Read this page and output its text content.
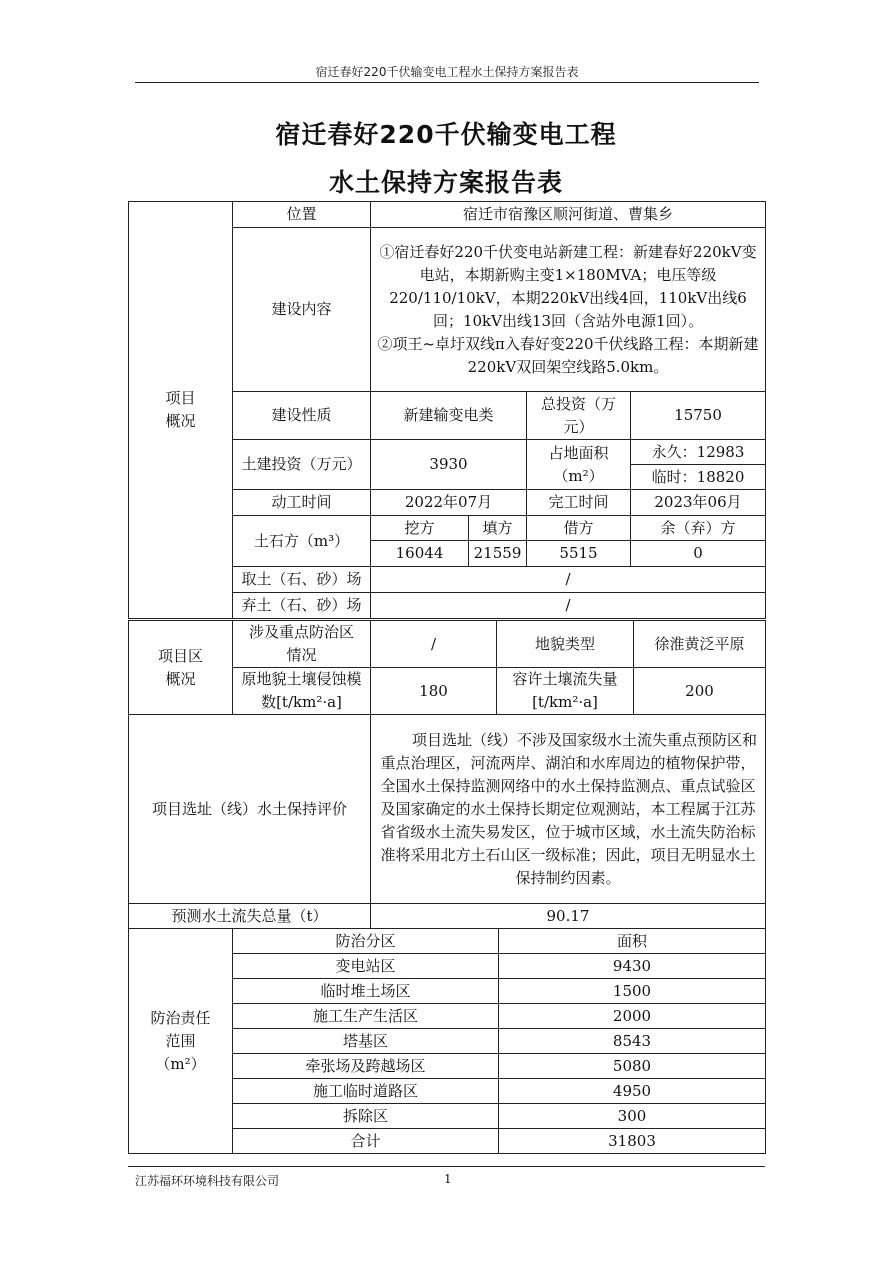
宿迁春好220千伏输变电工程水土保持方案报告表
宿迁春好220千伏输变电工程
水土保持方案报告表
项目概况	位置	宿迁市宿豫区顺河街道、曹集乡			
	建设内容	①宿迁春好220千伏变电站新建工程：新建春好220kV变电站，本期新购主变1×180MVA；电压等级220/110/10kV，本期220kV出线4回，110kV出线6回；10kV出线13回（含站外电源1回）。
②项王~卓圩双线π入春好变220千伏线路工程：本期新建220kV双回架空线路5.0km。			

	建设性质	新建输变电类		总投资（万元）	15750
	土建投资（万元）	3930		占地面积（m²）	永久：12983
					临时：18820
	动工时间	2022年07月		完工时间	2023年06月
	土石方（m³）	挖方	填方	借方	余（弃）方
		16044	21559	5515	0
	取土（石、砂）场	/			
	弃土（石、砂）场	/			
项目区概况	涉及重点防治区情况	/	地貌类型	徐淮黄泛平原
	原地貌土壤侵蚀模数[t/km²·a]	180	容许土壤流失量[t/km²·a]	200
项目选址（线）水土保持评价	项目选址（线）不涉及国家级水土流失重点预防区和重点治理区，河流两岸、湖泊和水库周边的植物保护带，全国水土保持监测网络中的水土保持监测点、重点试验区及国家确定的水土保持长期定位观测站，本工程属于江苏省省级水土流失易发区，位于城市区域，水土流失防治标准将采用北方土石山区一级标准；因此，项目无明显水土保持制约因素。
预测水土流失总量（t）	90.17
防治责任范围（m²）	防治分区	面积
	变电站区	9430
	临时堆土场区	1500
	施工生产生活区	2000
	塔基区	8543
	牵张场及跨越场区	5080
	施工临时道路区	4950
	拆除区	300
	合计	31803
江苏福环环境科技有限公司	1
